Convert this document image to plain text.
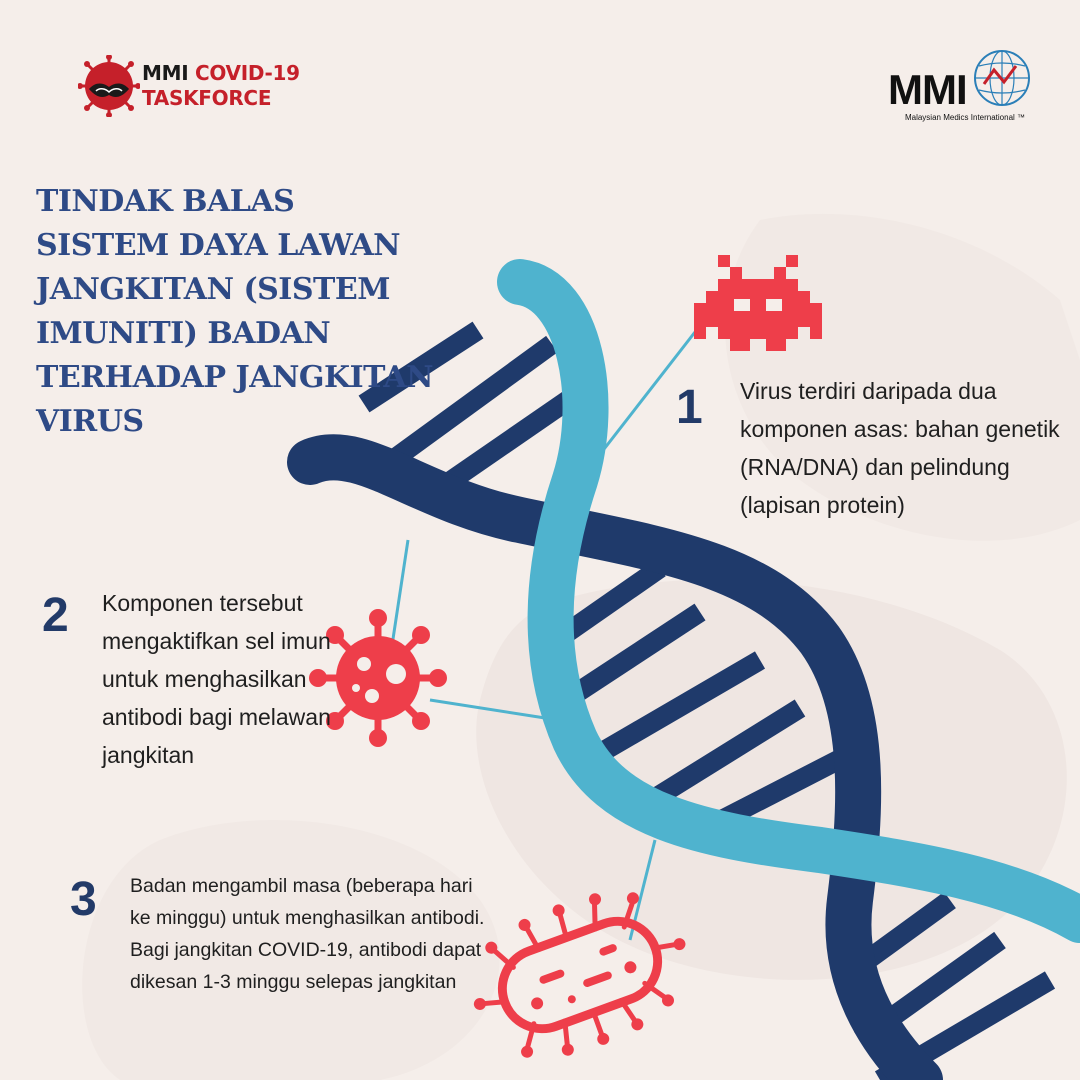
MMI COVID-19
TASKFORCE	MMI
Malaysian Medics International ™
TINDAK BALAS SISTEM DAYA LAWAN JANGKITAN (SISTEM IMUNITI) BADAN TERHADAP JANGKITAN VIRUS	1 Virus terdiri daripada dua komponen asas: bahan genetik (RNA/DNA) dan pelindung (lapisan protein)
2 Komponen tersebut mengaktifkan sel imun untuk menghasilkan antibodi bagi melawan jangkitan
3 Badan mengambil masa (beberapa hari ke minggu) untuk menghasilkan antibodi. Bagi jangkitan COVID-19, antibodi dapat dikesan 1-3 minggu selepas jangkitan
